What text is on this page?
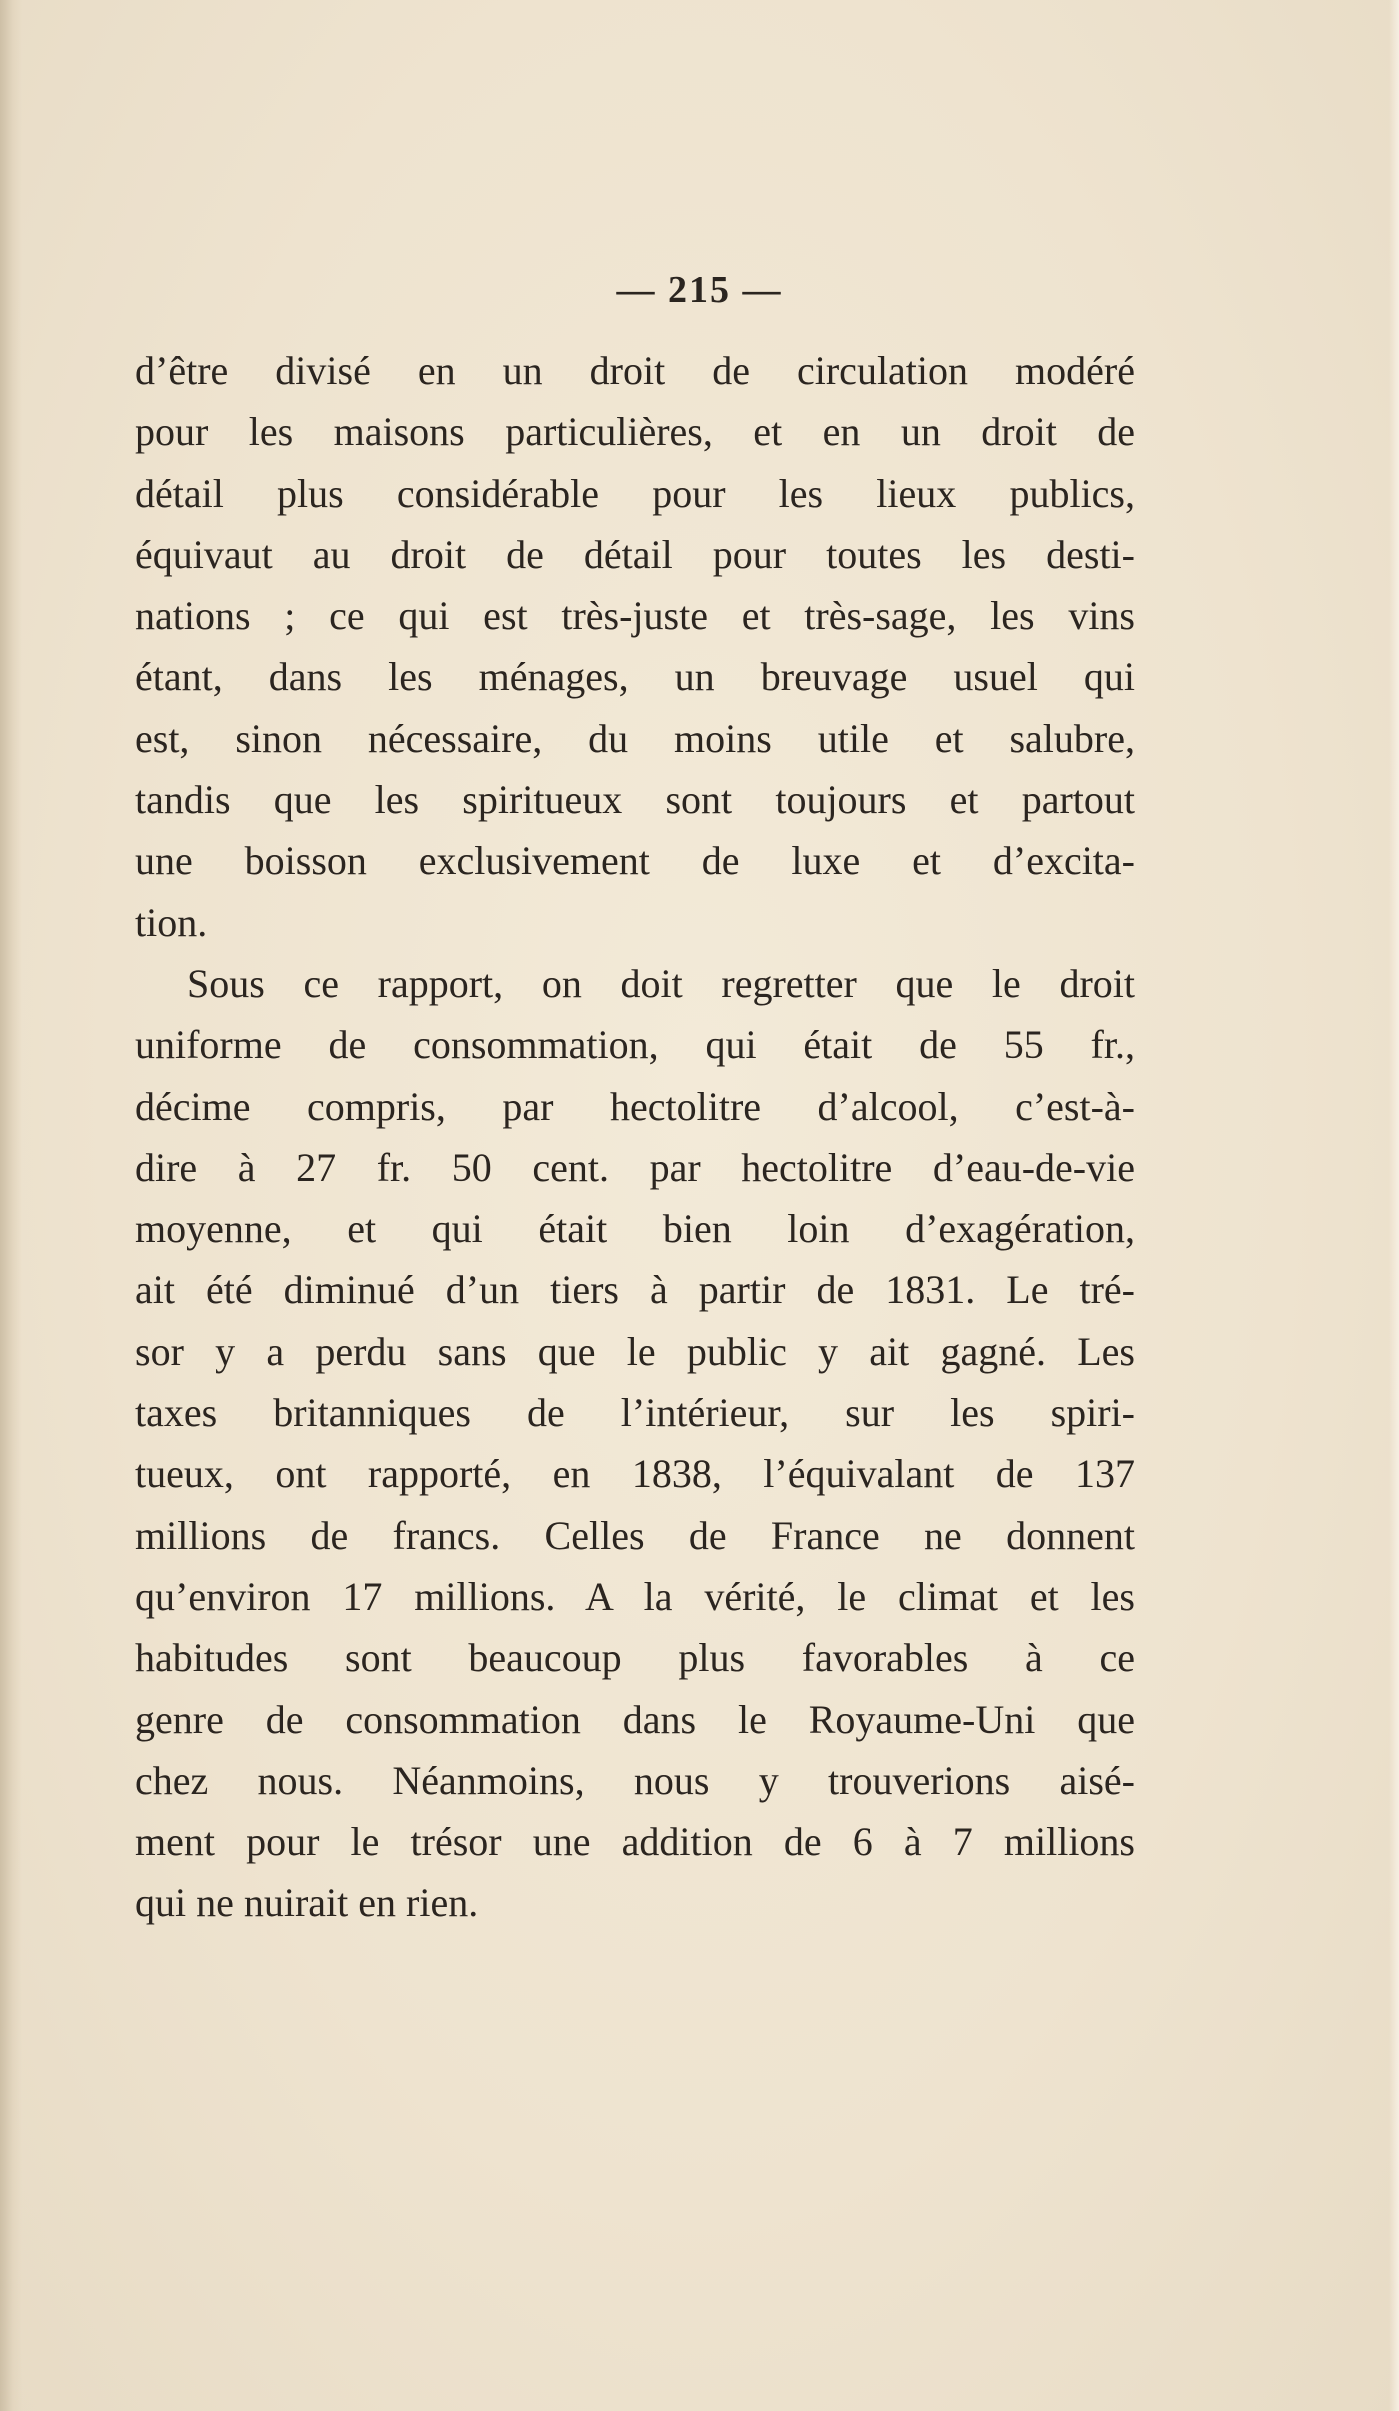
— 215 —
d’être divisé en un droit de circulation modéré
pour les maisons particulières, et en un droit de
détail plus considérable pour les lieux publics,
équivaut au droit de détail pour toutes les desti-
nations ; ce qui est très-juste et très-sage, les vins
étant, dans les ménages, un breuvage usuel qui
est, sinon nécessaire, du moins utile et salubre,
tandis que les spiritueux sont toujours et partout
une boisson exclusivement de luxe et d’excita-
tion.
Sous ce rapport, on doit regretter que le droit
uniforme de consommation, qui était de 55 fr.,
décime compris, par hectolitre d’alcool, c’est-à-
dire à 27 fr. 50 cent. par hectolitre d’eau-de-vie
moyenne, et qui était bien loin d’exagération,
ait été diminué d’un tiers à partir de 1831. Le tré-
sor y a perdu sans que le public y ait gagné. Les
taxes britanniques de l’intérieur, sur les spiri-
tueux, ont rapporté, en 1838, l’équivalant de 137
millions de francs. Celles de France ne donnent
qu’environ 17 millions. A la vérité, le climat et les
habitudes sont beaucoup plus favorables à ce
genre de consommation dans le Royaume-Uni que
chez nous. Néanmoins, nous y trouverions aisé-
ment pour le trésor une addition de 6 à 7 millions
qui ne nuirait en rien.
